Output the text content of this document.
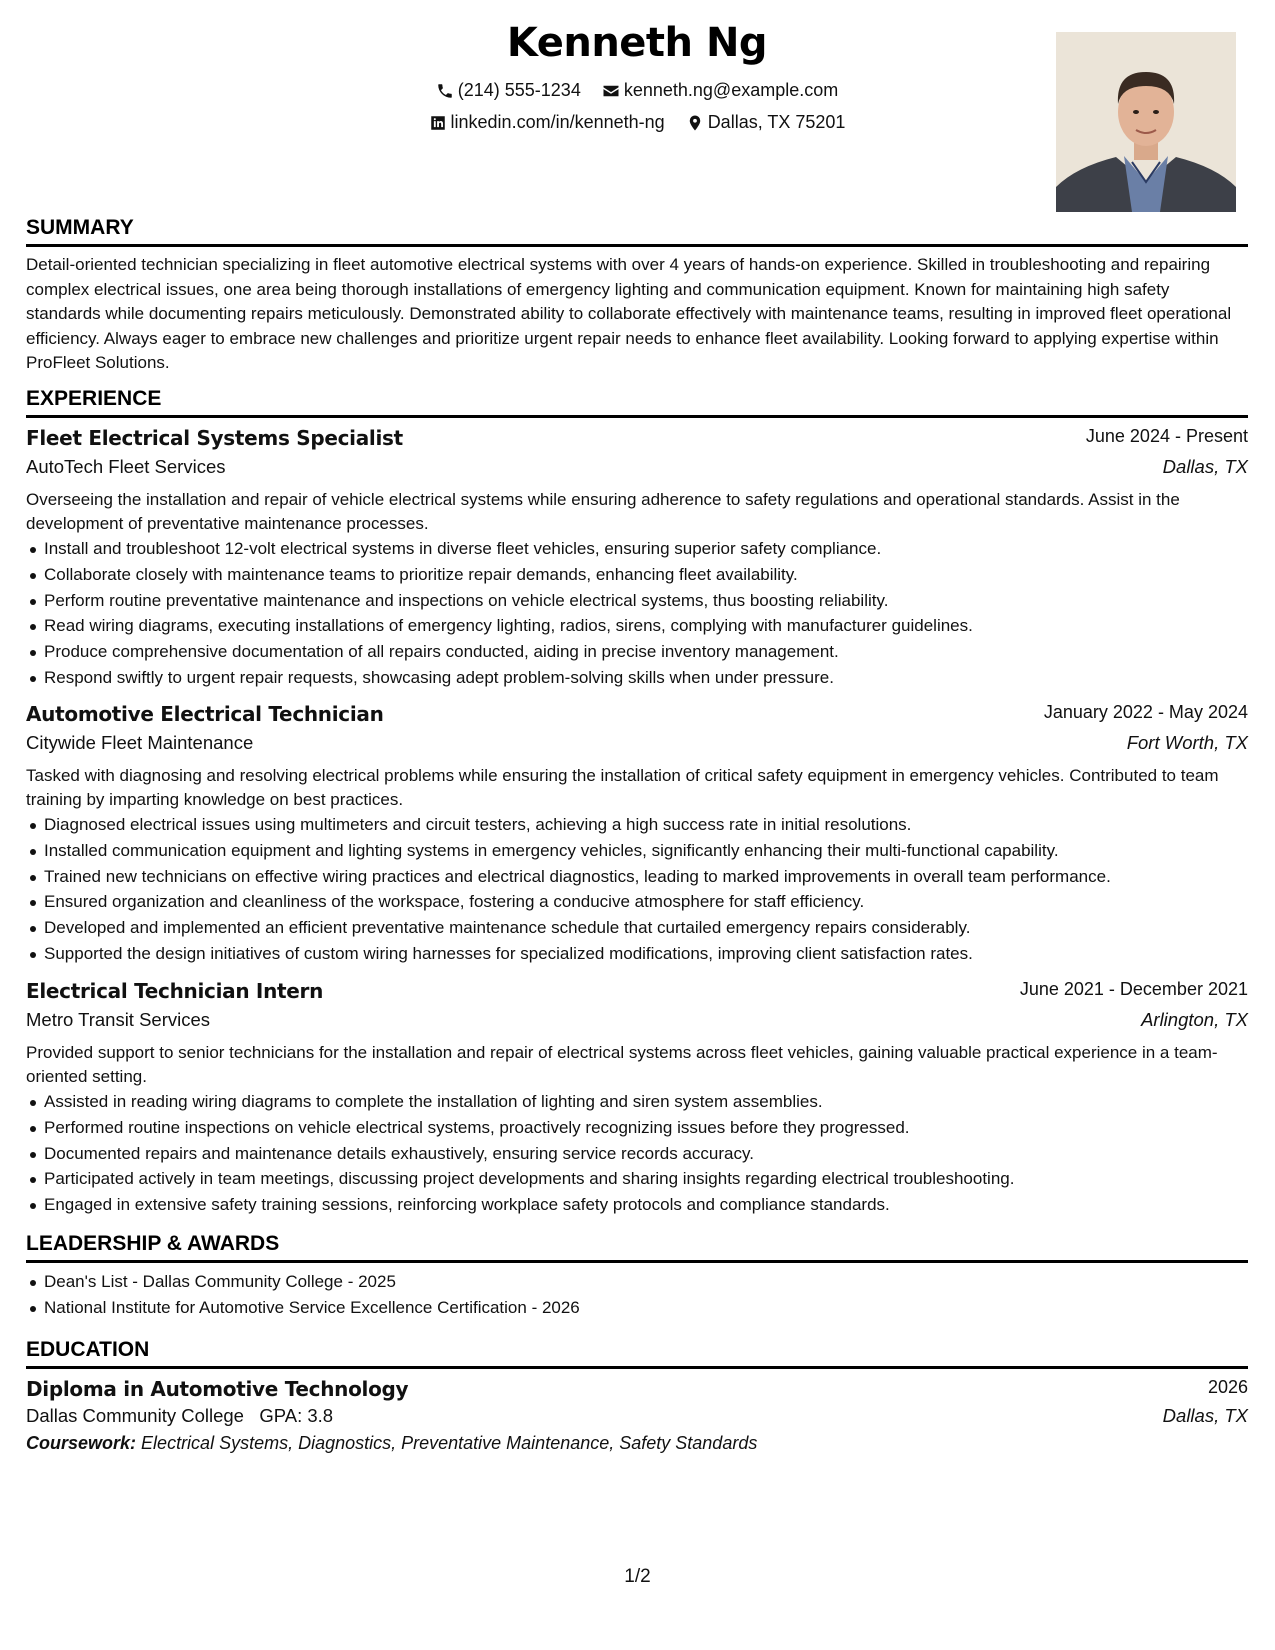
Kenneth Ng
(214) 555-1234
kenneth.ng@example.com
linkedin.com/in/kenneth-ng
Dallas, TX 75201
SUMMARY

Detail-oriented technician specializing in fleet automotive electrical systems with over 4 years of hands-on experience. Skilled in troubleshooting and repairing complex electrical issues, one area being thorough installations of emergency lighting and communication equipment. Known for maintaining high safety standards while documenting repairs meticulously. Demonstrated ability to collaborate effectively with maintenance teams, resulting in improved fleet operational efficiency. Always eager to embrace new challenges and prioritize urgent repair needs to enhance fleet availability. Looking forward to applying expertise within ProFleet Solutions.

EXPERIENCE
Fleet Electrical Systems Specialist	June 2024 - Present
AutoTech Fleet Services	Dallas, TX

Overseeing the installation and repair of vehicle electrical systems while ensuring adherence to safety regulations and operational standards. Assist in the development of preventative maintenance processes.

Install and troubleshoot 12-volt electrical systems in diverse fleet vehicles, ensuring superior safety compliance.
Collaborate closely with maintenance teams to prioritize repair demands, enhancing fleet availability.
Perform routine preventative maintenance and inspections on vehicle electrical systems, thus boosting reliability.
Read wiring diagrams, executing installations of emergency lighting, radios, sirens, complying with manufacturer guidelines.
Produce comprehensive documentation of all repairs conducted, aiding in precise inventory management.
Respond swiftly to urgent repair requests, showcasing adept problem-solving skills when under pressure.
Automotive Electrical Technician	January 2022 - May 2024
Citywide Fleet Maintenance	Fort Worth, TX

Tasked with diagnosing and resolving electrical problems while ensuring the installation of critical safety equipment in emergency vehicles. Contributed to team training by imparting knowledge on best practices.

Diagnosed electrical issues using multimeters and circuit testers, achieving a high success rate in initial resolutions.
Installed communication equipment and lighting systems in emergency vehicles, significantly enhancing their multi-functional capability.
Trained new technicians on effective wiring practices and electrical diagnostics, leading to marked improvements in overall team performance.
Ensured organization and cleanliness of the workspace, fostering a conducive atmosphere for staff efficiency.
Developed and implemented an efficient preventative maintenance schedule that curtailed emergency repairs considerably.
Supported the design initiatives of custom wiring harnesses for specialized modifications, improving client satisfaction rates.
Electrical Technician Intern	June 2021 - December 2021
Metro Transit Services	Arlington, TX

Provided support to senior technicians for the installation and repair of electrical systems across fleet vehicles, gaining valuable practical experience in a team-oriented setting.

Assisted in reading wiring diagrams to complete the installation of lighting and siren system assemblies.
Performed routine inspections on vehicle electrical systems, proactively recognizing issues before they progressed.
Documented repairs and maintenance details exhaustively, ensuring service records accuracy.
Participated actively in team meetings, discussing project developments and sharing insights regarding electrical troubleshooting.
Engaged in extensive safety training sessions, reinforcing workplace safety protocols and compliance standards.
LEADERSHIP & AWARDS
Dean's List - Dallas Community College - 2025
National Institute for Automotive Service Excellence Certification - 2026
EDUCATION
Diploma in Automotive Technology	2026
Dallas Community College GPA: 3.8	Dallas, TX
Coursework: Electrical Systems, Diagnostics, Preventative Maintenance, Safety Standards
1/2
